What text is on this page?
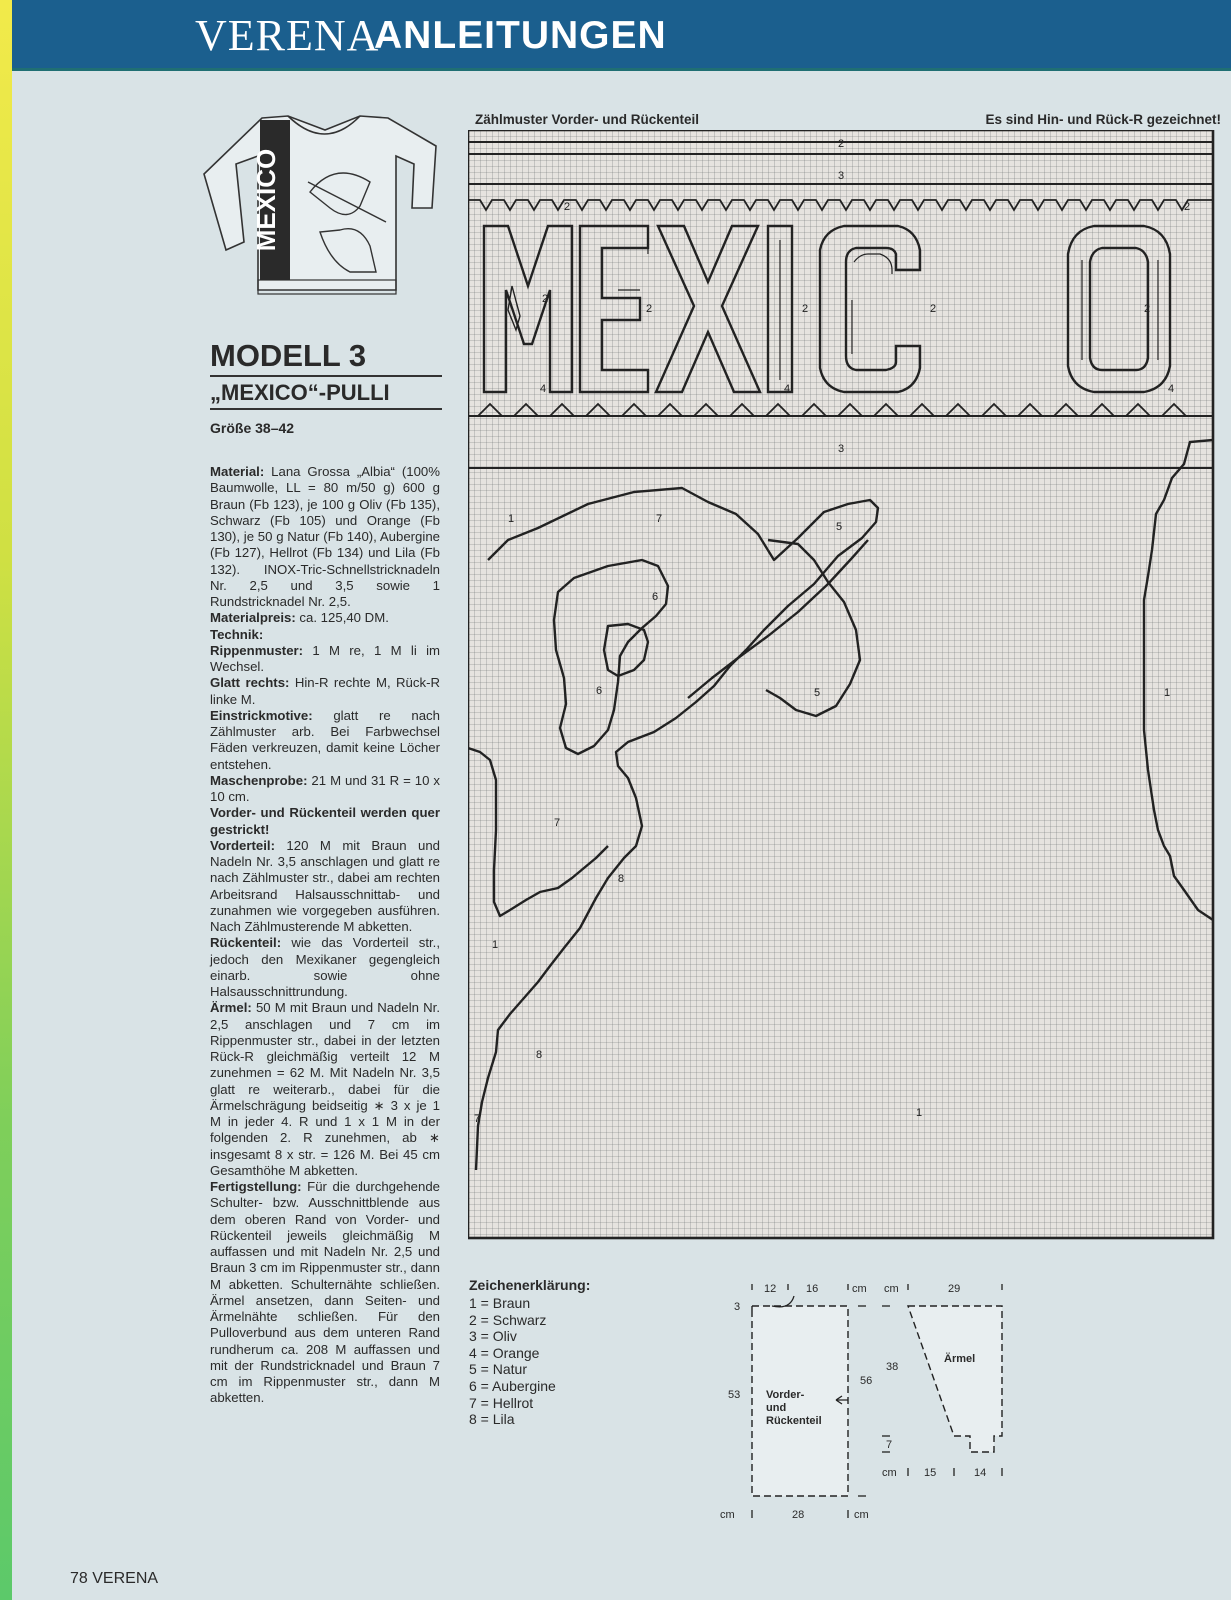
VERENA
ANLEITUNGEN
MEXICO
MODELL 3
„MEXICO“-PULLI
Größe 38–42

Material: Lana Grossa „Albia“ (100% Baumwolle, LL = 80 m/50 g) 600 g Braun (Fb 123), je 100 g Oliv (Fb 135), Schwarz (Fb 105) und Orange (Fb 130), je 50 g Natur (Fb 140), Aubergine (Fb 127), Hellrot (Fb 134) und Lila (Fb 132). INOX-Tric-Schnellstricknadeln Nr. 2,5 und 3,5 sowie 1 Rundstricknadel Nr. 2,5.

Materialpreis: ca. 125,40 DM.

Technik:

Rippenmuster: 1 M re, 1 M li im Wechsel.

Glatt rechts: Hin-R rechte M, Rück-R linke M.

Einstrickmotive: glatt re nach Zählmuster arb. Bei Farbwechsel Fäden verkreuzen, damit keine Löcher entstehen.

Maschenprobe: 21 M und 31 R = 10 x 10 cm.

Vorder- und Rückenteil werden quer gestrickt!

Vorderteil: 120 M mit Braun und Nadeln Nr. 3,5 anschlagen und glatt re nach Zählmuster str., dabei am rechten Arbeitsrand Halsausschnittab- und zunahmen wie vorgegeben ausführen. Nach Zählmusterende M abketten.

Rückenteil: wie das Vorderteil str., jedoch den Mexikaner gegengleich einarb. sowie ohne Halsausschnittrundung.

Ärmel: 50 M mit Braun und Nadeln Nr. 2,5 anschlagen und 7 cm im Rippenmuster str., dabei in der letzten Rück-R gleichmäßig verteilt 12 M zunehmen = 62 M. Mit Nadeln Nr. 3,5 glatt re weiterarb., dabei für die Ärmelschrägung beidseitig ∗ 3 x je 1 M in jeder 4. R und 1 x 1 M in der folgenden 2. R zunehmen, ab ∗ insgesamt 8 x str. = 126 M. Bei 45 cm Gesamthöhe M abketten.

Fertigstellung: Für die durchgehende Schulter- bzw. Ausschnittblende aus dem oberen Rand von Vorder- und Rückenteil jeweils gleichmäßig M auffassen und mit Nadeln Nr. 2,5 und Braun 3 cm im Rippenmuster str., dann M abketten. Schulternähte schließen. Ärmel ansetzen, dann Seiten- und Ärmelnähte schließen. Für den Pulloverbund aus dem unteren Rand rundherum ca. 208 M auffassen und mit der Rundstricknadel und Braun 7 cm im Rippenmuster str., dann M abketten.

Zählmuster Vorder- und Rückenteil	Es sind Hin- und Rück-R gezeichnet!
2
3
2	2
2
2	2	2	2
4	4	4
3
1	7
5
6
6	5	1
8
7
1
8
7	1
Zeichenerklärung:
1 = Braun
2 = Schwarz
3 = Oliv
4 = Orange
5 = Natur
6 = Aubergine
7 = Hellrot
8 = Lila
12	16	cm
3
53
56
Vorder-
und
Rückenteil
cm	28	cm
cm	29
38
7
Ärmel
cm 15	14
78 VERENA
